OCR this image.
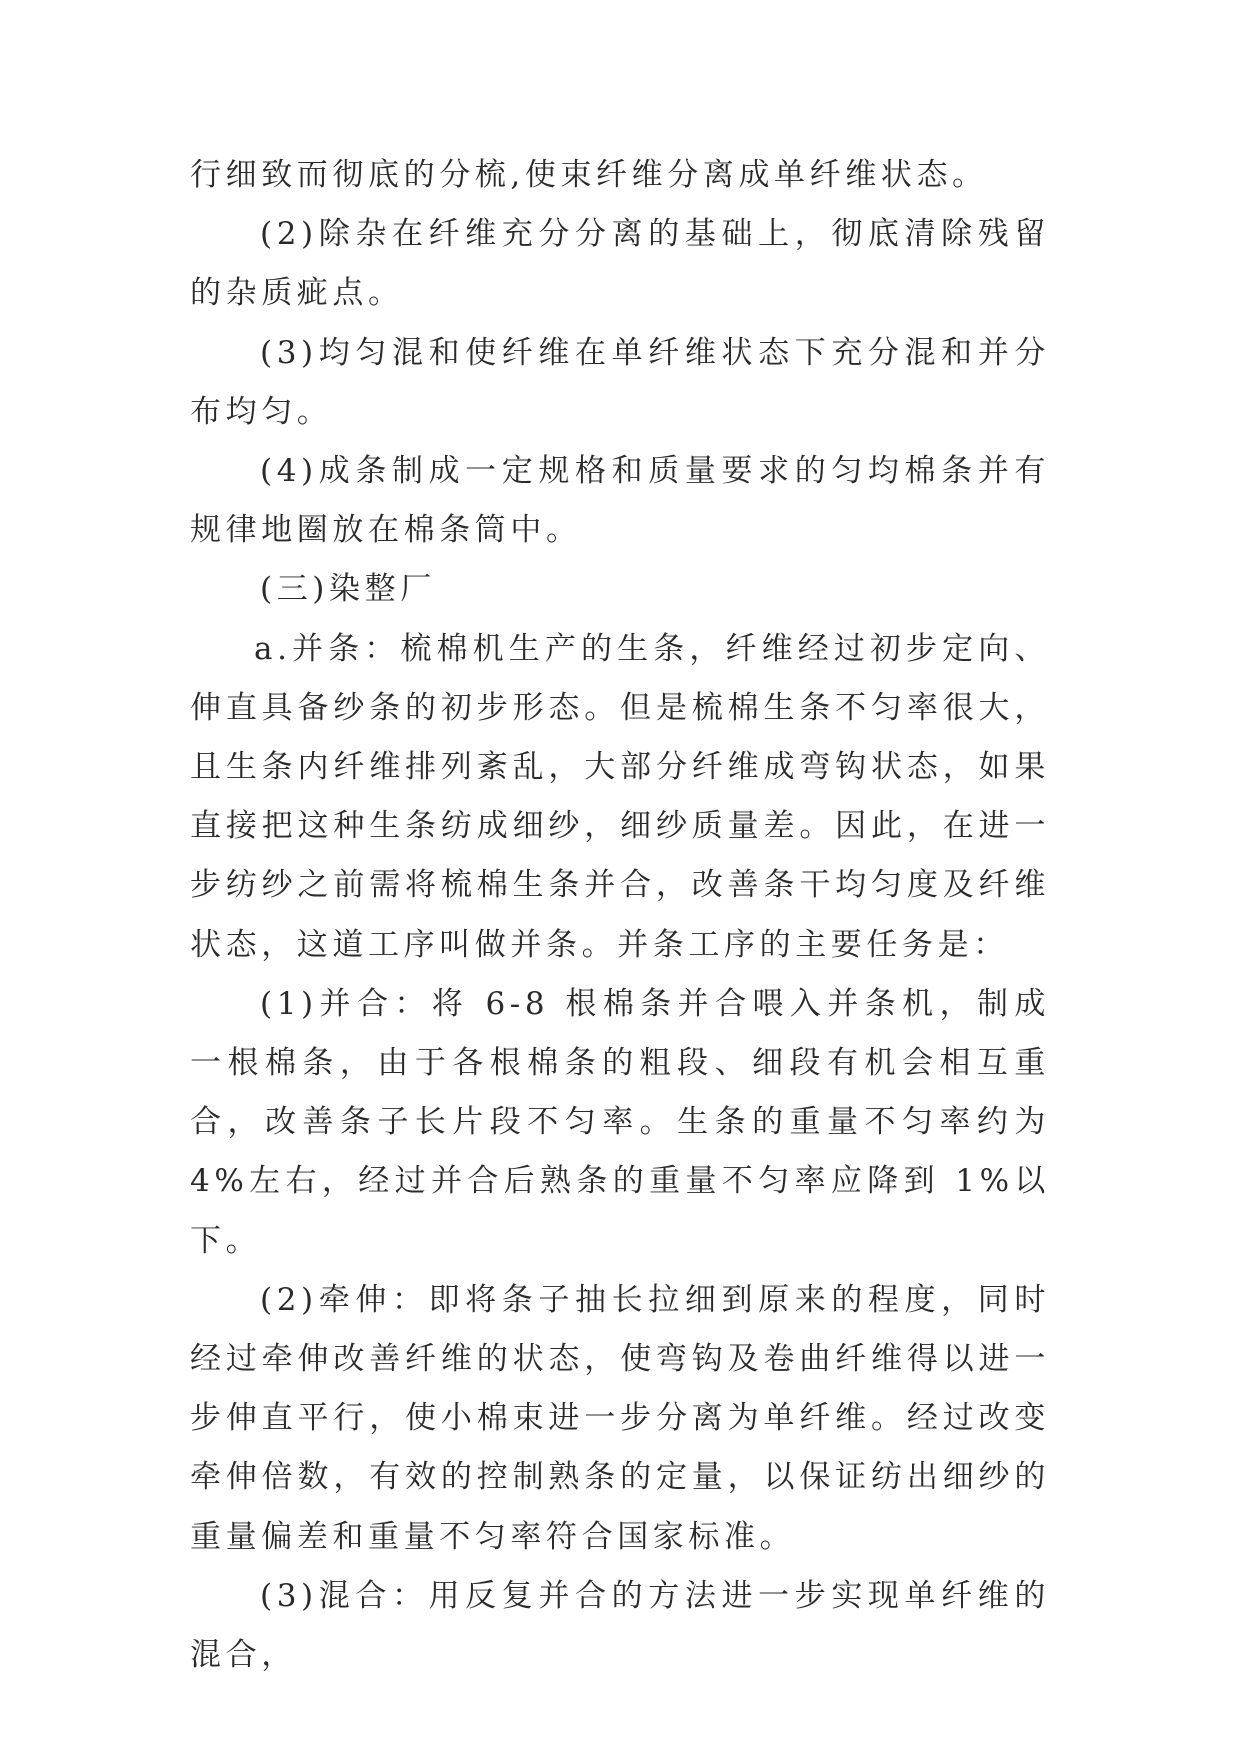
行细致而彻底的分梳,使束纤维分离成单纤维状态。

(2)除杂在纤维充分分离的基础上，彻底清除残留的杂质疵点。

(3)均匀混和使纤维在单纤维状态下充分混和并分布均匀。

(4)成条制成一定规格和质量要求的匀均棉条并有规律地圈放在棉条筒中。

(三)染整厂

a.并条：梳棉机生产的生条，纤维经过初步定向、伸直具备纱条的初步形态。但是梳棉生条不匀率很大，且生条内纤维排列紊乱，大部分纤维成弯钩状态，如果直接把这种生条纺成细纱，细纱质量差。因此，在进一步纺纱之前需将梳棉生条并合，改善条干均匀度及纤维状态，这道工序叫做并条。并条工序的主要任务是：

(1)并合：将 6-8 根棉条并合喂入并条机，制成一根棉条，由于各根棉条的粗段、细段有机会相互重合，改善条子长片段不匀率。生条的重量不匀率约为 4%左右，经过并合后熟条的重量不匀率应降到 1%以下。

(2)牵伸：即将条子抽长拉细到原来的程度，同时经过牵伸改善纤维的状态，使弯钩及卷曲纤维得以进一步伸直平行，使小棉束进一步分离为单纤维。经过改变牵伸倍数，有效的控制熟条的定量，以保证纺出细纱的重量偏差和重量不匀率符合国家标准。

(3)混合：用反复并合的方法进一步实现单纤维的混合，
